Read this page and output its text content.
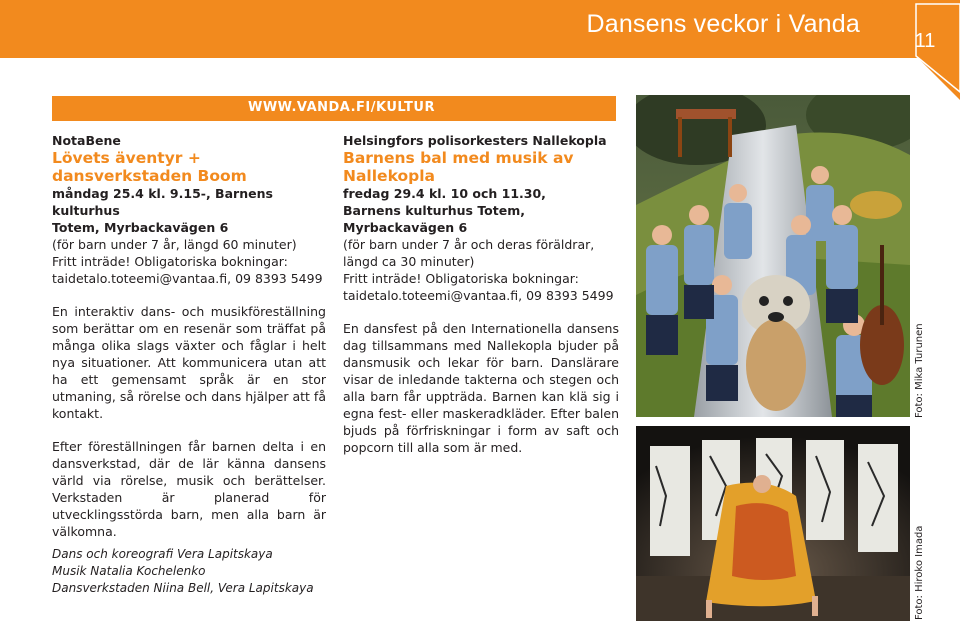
Dansens veckor i Vanda
11
WWW.VANDA.FI/KULTUR
NotaBene
Lövets äventyr +
dansverkstaden Boom
måndag 25.4 kl. 9.15-, Barnens kulturhus
Totem, Myrbackavägen 6
(för barn under 7 år, längd 60 minuter)
Fritt inträde! Obligatoriska bokningar:
taidetalo.toteemi@vantaa.fi, 09 8393 5499
En interaktiv dans- och musikföreställning som berättar om en resenär som träffat på många olika slags växter och fåglar i helt nya situationer. Att kommunicera utan att ha ett gemensamt språk är en stor utmaning, så rörelse och dans hjälper att få kontakt.
Efter föreställningen får barnen delta i en dansverkstad, där de lär känna dansens värld via rörelse, musik och berättelser. Verkstaden är planerad för utvecklingsstörda barn, men alla barn är välkomna.
Dans och koreografi Vera Lapitskaya
Musik Natalia Kochelenko
Dansverkstaden Niina Bell, Vera Lapitskaya
Helsingfors polisorkesters Nallekopla
Barnens bal med musik av
Nallekopla
fredag 29.4 kl. 10 och 11.30,
Barnens kulturhus Totem, Myrbackavägen 6
(för barn under 7 år och deras föräldrar,
längd ca 30 minuter)
Fritt inträde! Obligatoriska bokningar:
taidetalo.toteemi@vantaa.fi, 09 8393 5499
En dansfest på den Internationella dansens dag tillsammans med Nallekopla bjuder på dansmusik och lekar för barn. Danslärare visar de inledande takterna och stegen och alla barn får uppträda. Barnen kan klä sig i egna fest- eller maskeradkläder. Efter balen bjuds på förfriskningar i form av saft och popcorn till alla som är med.
Foto: Mika Turunen
Foto: Hiroko Imada
